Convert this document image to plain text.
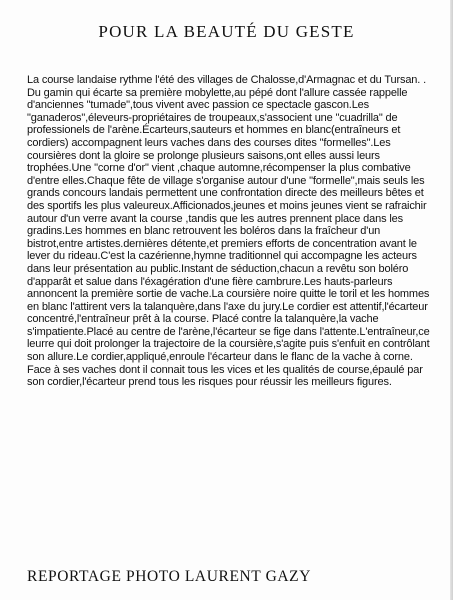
POUR LA BEAUTÉ DU GESTE

La course landaise rythme l'été des villages de Chalosse,d'Armagnac et du Tursan. . Du gamin qui écarte sa première mobylette,au pépé dont l'allure cassée rappelle d'anciennes "tumade",tous vivent avec passion ce spectacle gascon.Les "ganaderos",éleveurs-propriétaires de troupeaux,s'associent une "cuadrilla" de professionels de l'arène.Écarteurs,sauteurs et hommes en blanc(entraîneurs et cordiers) accompagnent leurs vaches dans des courses dites "formelles".Les coursières dont la gloire se prolonge plusieurs saisons,ont elles aussi leurs trophées.Une "corne d'or" vient ,chaque automne,récompenser la plus combative d'entre elles.Chaque fête de village s'organise autour d'une "formelle",mais seuls les grands concours landais permettent une confrontation directe des meilleurs bêtes et des sportifs les plus valeureux.Afficionados,jeunes et moins jeunes vient se rafraichir autour d'un verre avant la course ,tandis que les autres prennent place dans les gradins.Les hommes en blanc retrouvent les boléros dans la fraîcheur d'un bistrot,entre artistes.dernières détente,et premiers efforts de concentration avant le lever du rideau.C'est la cazérienne,hymne traditionnel qui accompagne les acteurs dans leur présentation au public.Instant de séduction,chacun a revêtu son boléro d'apparât et salue dans l'éxagération d'une fière cambrure.Les hauts-parleurs annoncent la première sortie de vache.La coursière noire quitte le toril et les hommes en blanc l'attirent vers la talanquère,dans l'axe du jury.Le cordier est attentif,l'écarteur concentré,l'entraîneur prêt à la course. Placé contre la talanquère,la vache s'impatiente.Placé au centre de l'arène,l'écarteur se fige dans l'attente.L'entraîneur,ce leurre qui doit prolonger la trajectoire de la coursière,s'agite puis s'enfuit en contrôlant son allure.Le cordier,appliqué,enroule l'écarteur dans le flanc de la vache à corne. Face à ses vaches dont il connait tous les vices et les qualités de course,épaulé par son cordier,l'écarteur prend tous les risques pour réussir les meilleurs figures.

REPORTAGE PHOTO LAURENT GAZY
